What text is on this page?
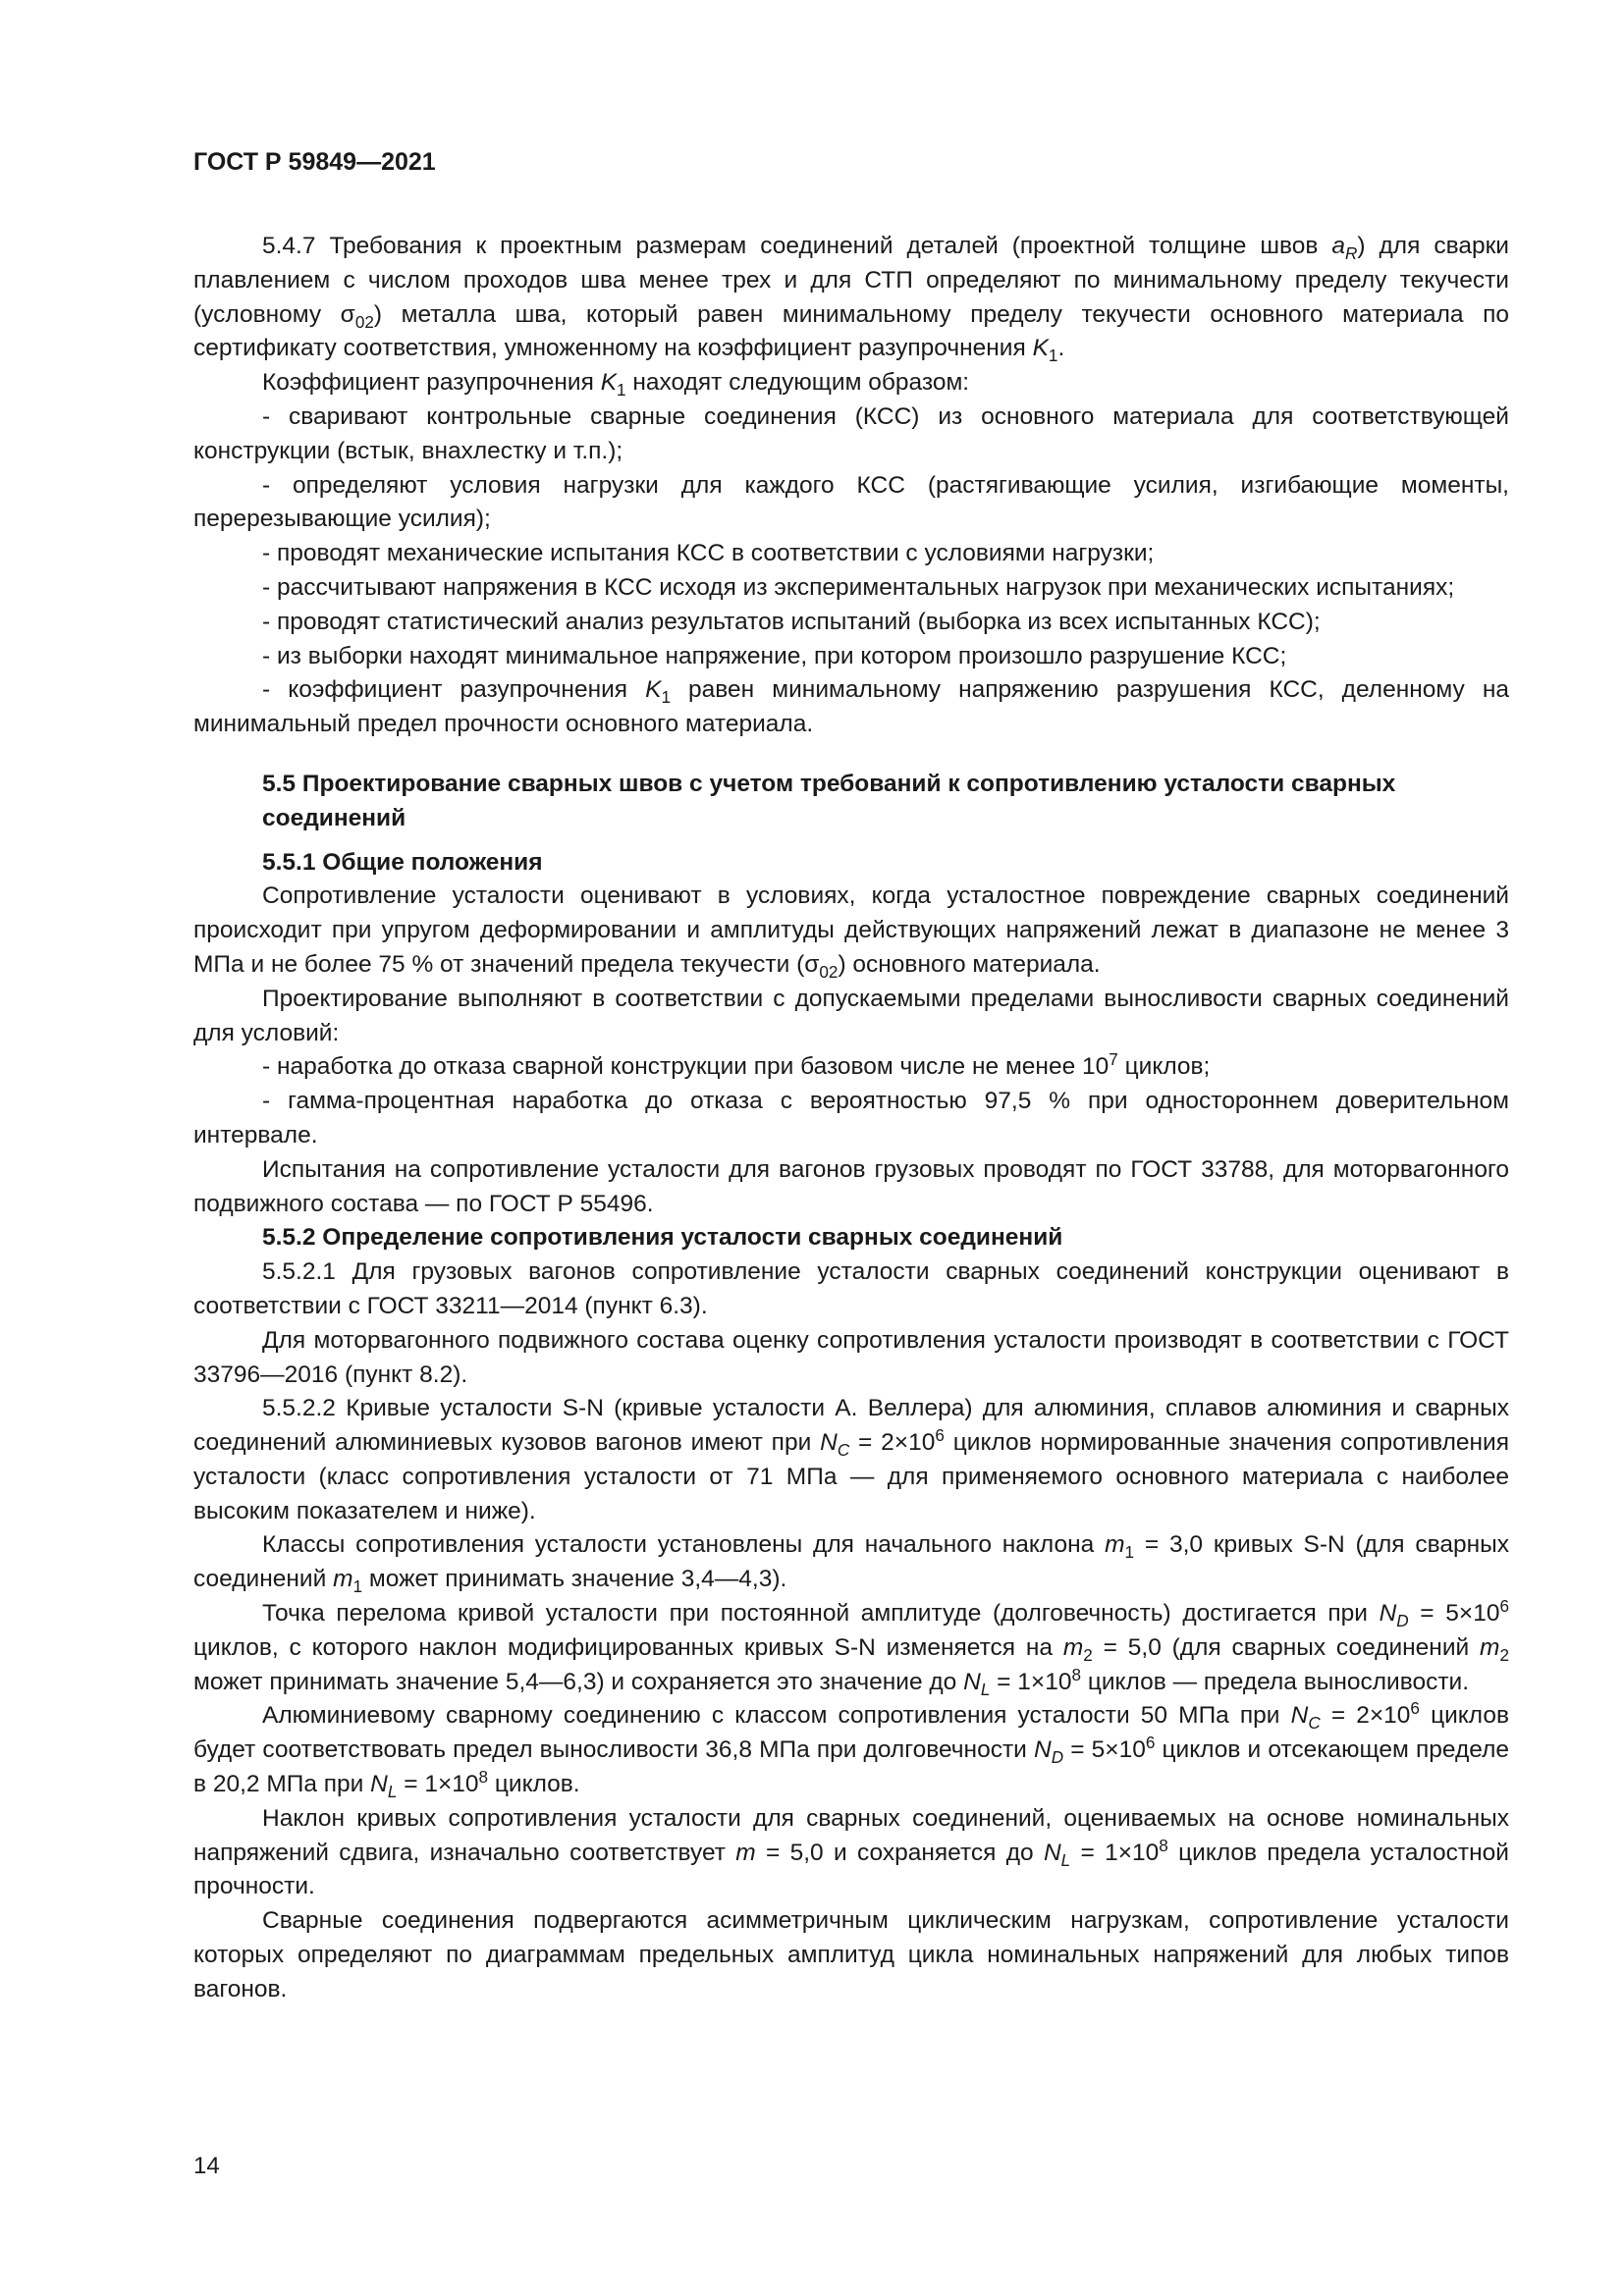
ГОСТ Р 59849—2021

5.4.7 Требования к проектным размерам соединений деталей (проектной толщине швов $a_R$) для сварки плавлением с числом проходов шва менее трех и для СТП определяют по минимальному пределу текучести (условному $\sigma_{02}$) металла шва, который равен минимальному пределу текучести основного материала по сертификату соответствия, умноженному на коэффициент разупрочнения $K_1$.

Коэффициент разупрочнения $K_1$ находят следующим образом:

- сваривают контрольные сварные соединения (КСС) из основного материала для соответствующей конструкции (встык, внахлестку и т.п.);

- определяют условия нагрузки для каждого КСС (растягивающие усилия, изгибающие моменты, перерезывающие усилия);

- проводят механические испытания КСС в соответствии с условиями нагрузки;

- рассчитывают напряжения в КСС исходя из экспериментальных нагрузок при механических испытаниях;

- проводят статистический анализ результатов испытаний (выборка из всех испытанных КСС);

- из выборки находят минимальное напряжение, при котором произошло разрушение КСС;

- коэффициент разупрочнения $K_1$ равен минимальному напряжению разрушения КСС, деленному на минимальный предел прочности основного материала.

5.5 Проектирование сварных швов с учетом требований к сопротивлению усталости сварных соединений
5.5.1 Общие положения

Сопротивление усталости оценивают в условиях, когда усталостное повреждение сварных соединений происходит при упругом деформировании и амплитуды действующих напряжений лежат в диапазоне не менее 3 МПа и не более 75 % от значений предела текучести $(\sigma_{02})$ основного материала.

Проектирование выполняют в соответствии с допускаемыми пределами выносливости сварных соединений для условий:

- наработка до отказа сварной конструкции при базовом числе не менее $10^7$ циклов;

- гамма-процентная наработка до отказа с вероятностью 97,5 % при одностороннем доверительном интервале.

Испытания на сопротивление усталости для вагонов грузовых проводят по ГОСТ 33788, для моторвагонного подвижного состава — по ГОСТ Р 55496.

5.5.2 Определение сопротивления усталости сварных соединений

5.5.2.1 Для грузовых вагонов сопротивление усталости сварных соединений конструкции оценивают в соответствии с ГОСТ 33211—2014 (пункт 6.3).

Для моторвагонного подвижного состава оценку сопротивления усталости производят в соответствии с ГОСТ 33796—2016 (пункт 8.2).

5.5.2.2 Кривые усталости S-N (кривые усталости А. Веллера) для алюминия, сплавов алюминия и сварных соединений алюминиевых кузовов вагонов имеют при $N_C = 2\times 10^6$ циклов нормированные значения сопротивления усталости (класс сопротивления усталости от 71 МПа — для применяемого основного материала с наиболее высоким показателем и ниже).

Классы сопротивления усталости установлены для начального наклона $m_1 = 3,0$ кривых S-N (для сварных соединений $m_1$ может принимать значение 3,4—4,3).

Точка перелома кривой усталости при постоянной амплитуде (долговечность) достигается при $N_D = 5\times 10^6$ циклов, с которого наклон модифицированных кривых S-N изменяется на $m_2 = 5,0$ (для сварных соединений $m_2$ может принимать значение 5,4—6,3) и сохраняется это значение до $N_L = 1\times 10^8$ циклов — предела выносливости.

Алюминиевому сварному соединению с классом сопротивления усталости 50 МПа при $N_C = 2\times 10^6$ циклов будет соответствовать предел выносливости 36,8 МПа при долговечности $N_D = 5\times 10^6$ циклов и отсекающем пределе в 20,2 МПа при $N_L = 1\times 10^8$ циклов.

Наклон кривых сопротивления усталости для сварных соединений, оцениваемых на основе номинальных напряжений сдвига, изначально соответствует m = 5,0 и сохраняется до $N_L = 1\times 10^8$ циклов предела усталостной прочности.

Сварные соединения подвергаются асимметричным циклическим нагрузкам, сопротивление усталости которых определяют по диаграммам предельных амплитуд цикла номинальных напряжений для любых типов вагонов.

14
